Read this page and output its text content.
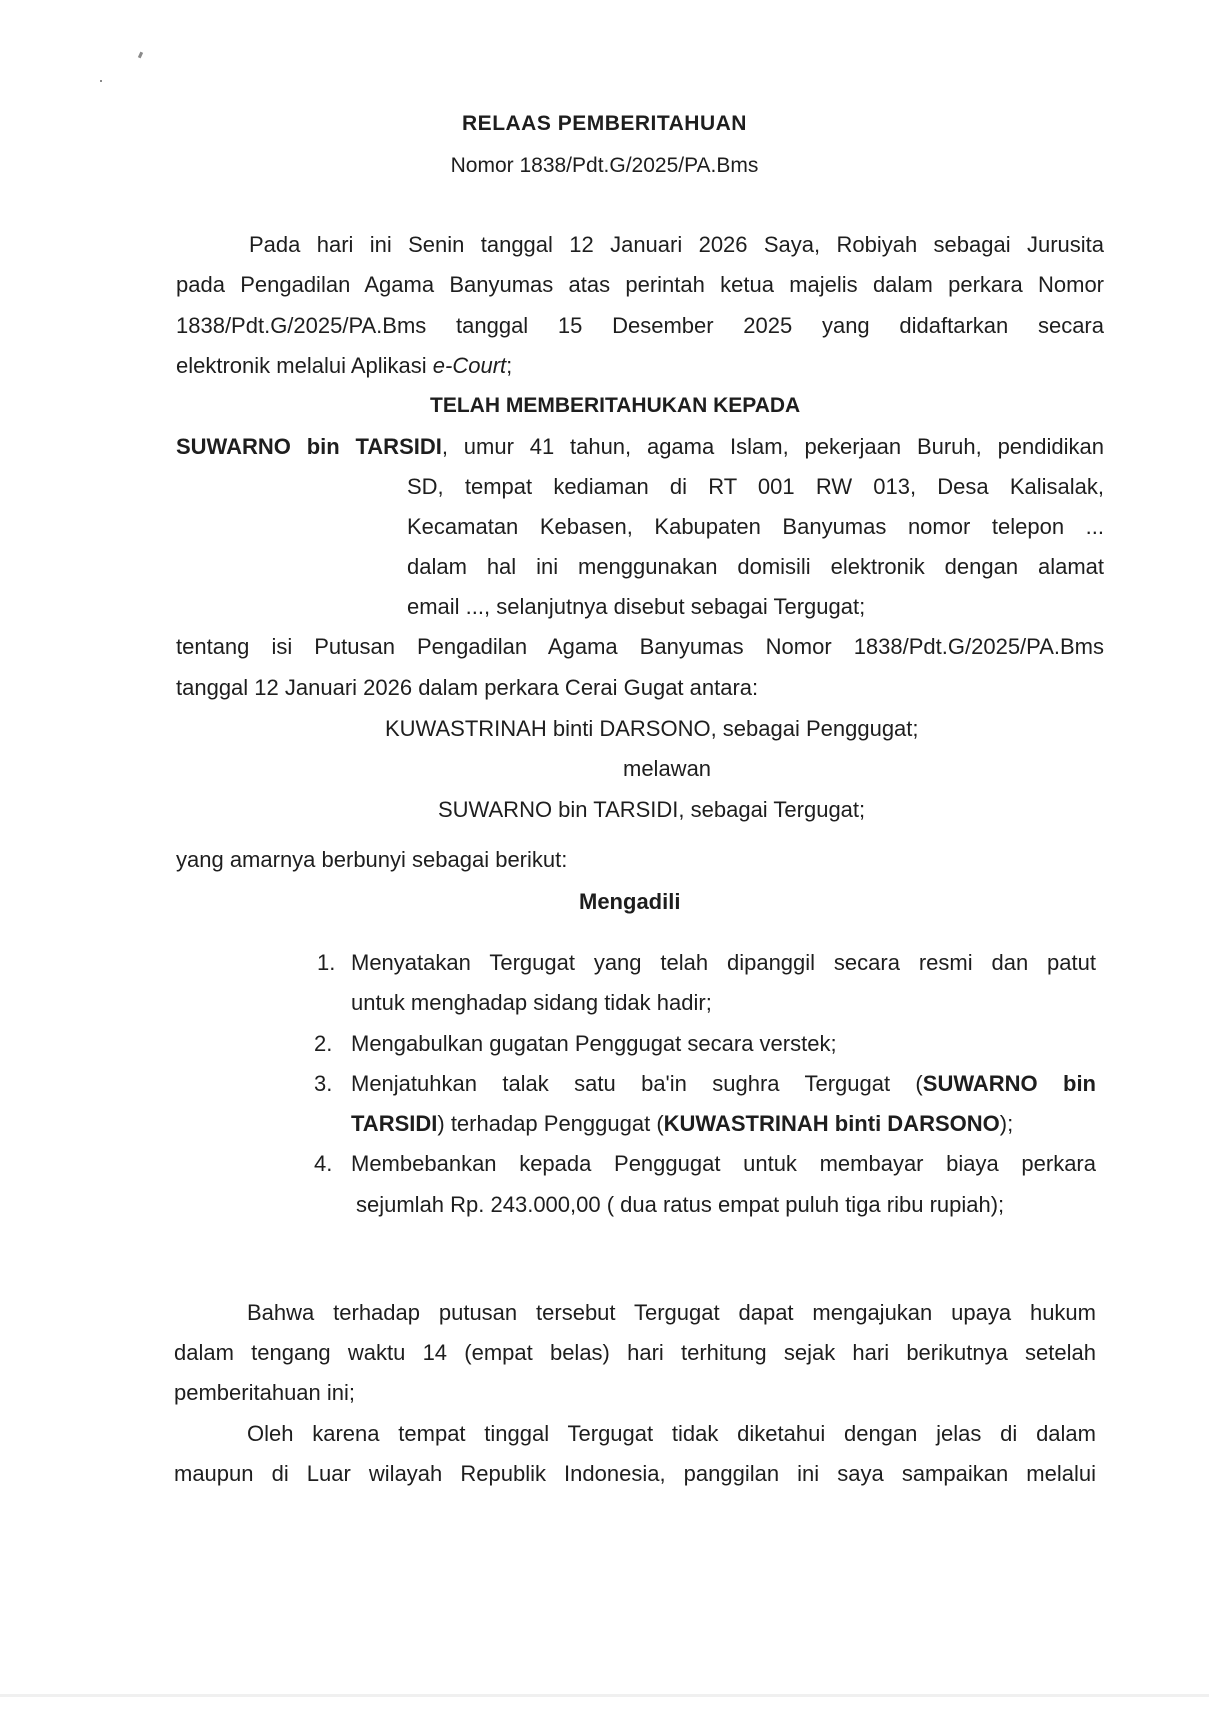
RELAAS PEMBERITAHUAN
Nomor 1838/Pdt.G/2025/PA.Bms
Pada hari ini Senin tanggal 12 Januari 2026 Saya, Robiyah sebagai Jurusita
pada Pengadilan Agama Banyumas atas perintah ketua majelis dalam perkara Nomor
1838/Pdt.G/2025/PA.Bms tanggal 15 Desember 2025 yang didaftarkan secara
elektronik melalui Aplikasi e-Court;
TELAH MEMBERITAHUKAN KEPADA
SUWARNO bin TARSIDI, umur 41 tahun, agama Islam, pekerjaan Buruh, pendidikan
SD, tempat kediaman di RT 001 RW 013, Desa Kalisalak,
Kecamatan Kebasen, Kabupaten Banyumas nomor telepon ...
dalam hal ini menggunakan domisili elektronik dengan alamat
email ..., selanjutnya disebut sebagai Tergugat;
tentang isi Putusan Pengadilan Agama Banyumas Nomor 1838/Pdt.G/2025/PA.Bms
tanggal 12 Januari 2026 dalam perkara Cerai Gugat antara:
KUWASTRINAH binti DARSONO, sebagai Penggugat;
melawan
SUWARNO bin TARSIDI, sebagai Tergugat;
yang amarnya berbunyi sebagai berikut:
Mengadili
1. Menyatakan Tergugat yang telah dipanggil secara resmi dan patut
untuk menghadap sidang tidak hadir;
2. Mengabulkan gugatan Penggugat secara verstek;
3. Menjatuhkan talak satu ba'in sughra Tergugat (SUWARNO bin
TARSIDI) terhadap Penggugat (KUWASTRINAH binti DARSONO);
4. Membebankan kepada Penggugat untuk membayar biaya perkara
sejumlah Rp. 243.000,00 ( dua ratus empat puluh tiga ribu rupiah);
Bahwa terhadap putusan tersebut Tergugat dapat mengajukan upaya hukum
dalam tengang waktu 14 (empat belas) hari terhitung sejak hari berikutnya setelah
pemberitahuan ini;
Oleh karena tempat tinggal Tergugat tidak diketahui dengan jelas di dalam
maupun di Luar wilayah Republik Indonesia, panggilan ini saya sampaikan melalui
